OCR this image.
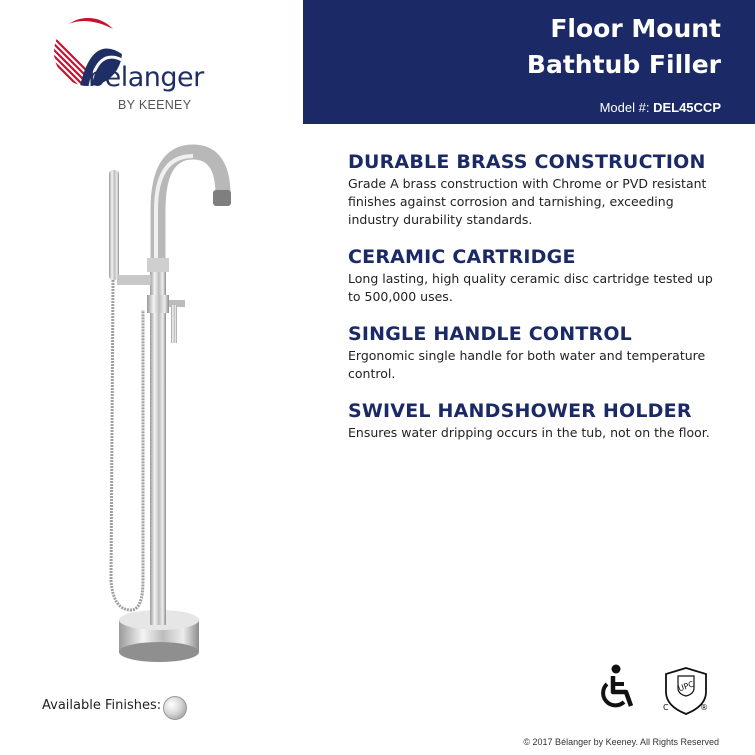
bélanger
BY KEENEY
Floor Mount
Bathtub Filler
Model #: DEL45CCP
DURABLE BRASS CONSTRUCTION

Grade A brass construction with Chrome or PVD resistant finishes against corrosion and tarnishing, exceeding industry durability standards.

CERAMIC CARTRIDGE

Long lasting, high quality ceramic disc cartridge tested up to 500,000 uses.

SINGLE HANDLE CONTROL

Ergonomic single handle for both water and temperature control.

SWIVEL HANDSHOWER HOLDER

Ensures water dripping occurs in the tub, not on the floor.

Available Finishes:
UPC
C	®
© 2017 Bélanger by Keeney. All Rights Reserved
